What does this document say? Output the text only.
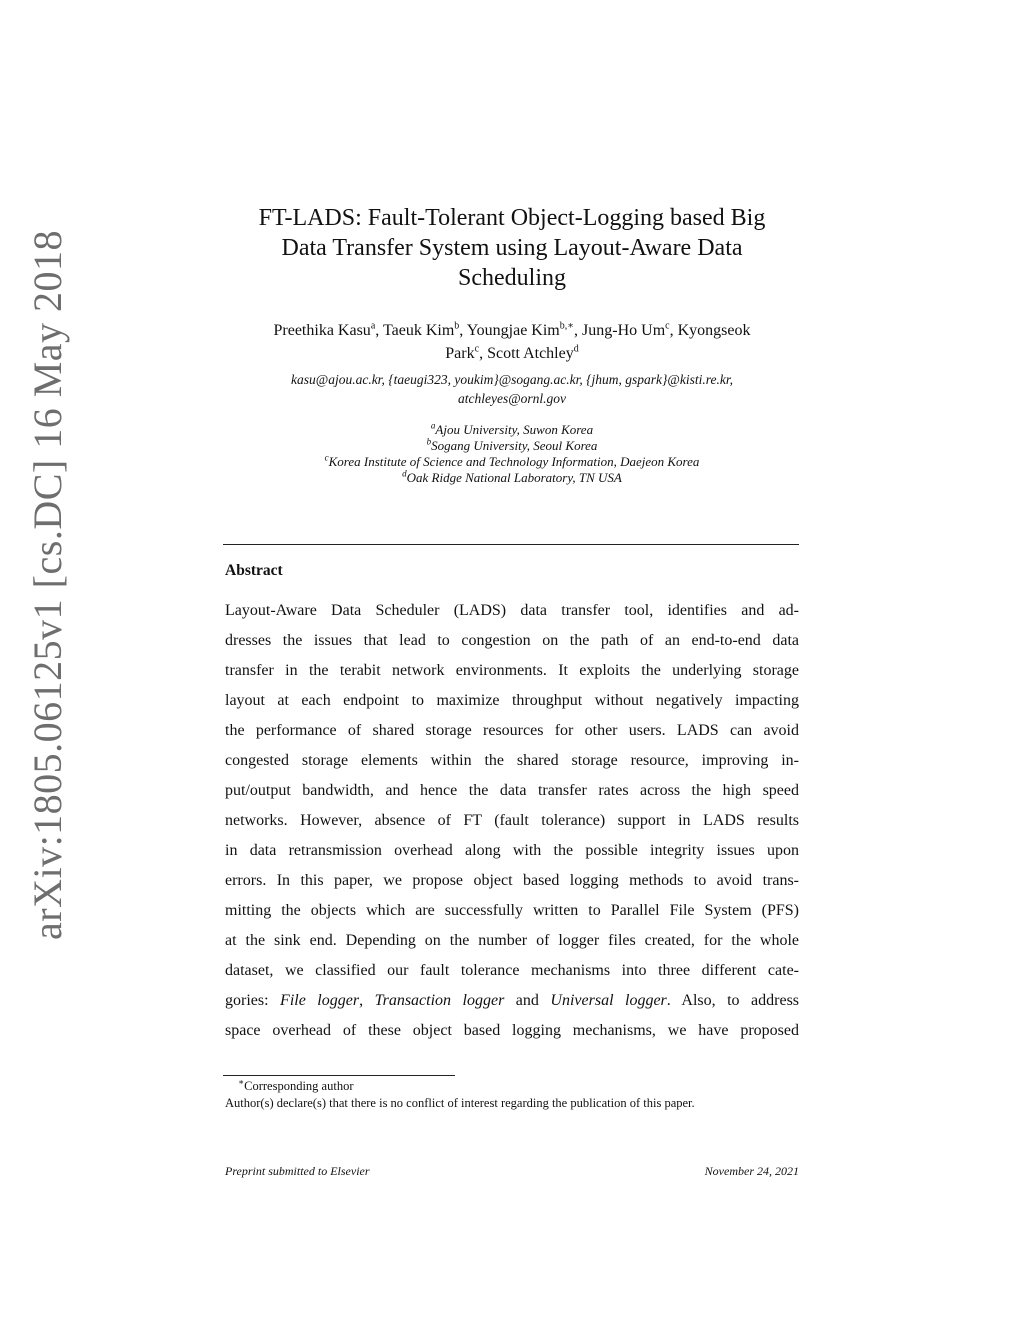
arXiv:1805.06125v1 [cs.DC] 16 May 2018
FT-LADS: Fault-Tolerant Object-Logging based Big
Data Transfer System using Layout-Aware Data
Scheduling
Preethika Kasu$^a$, Taeuk Kim$^b$, Youngjae Kim$^{b,∗}$, Jung-Ho Um$^c$, Kyongseok
Park$^c$, Scott Atchley$^d$
kasu@ajou.ac.kr, {taeugi323, youkim}@sogang.ac.kr, {jhum, gspark}@kisti.re.kr,
atchleyes@ornl.gov
$^a$Ajou University, Suwon Korea
$^b$Sogang University, Seoul Korea
$^c$Korea Institute of Science and Technology Information, Daejeon Korea
$^d$Oak Ridge National Laboratory, TN USA
Abstract
Layout-Aware Data Scheduler (LADS) data transfer tool, identifies and ad-
dresses the issues that lead to congestion on the path of an end-to-end data
transfer in the terabit network environments. It exploits the underlying storage
layout at each endpoint to maximize throughput without negatively impacting
the performance of shared storage resources for other users. LADS can avoid
congested storage elements within the shared storage resource, improving in-
put/output bandwidth, and hence the data transfer rates across the high speed
networks. However, absence of FT (fault tolerance) support in LADS results
in data retransmission overhead along with the possible integrity issues upon
errors. In this paper, we propose object based logging methods to avoid trans-
mitting the objects which are successfully written to Parallel File System (PFS)
at the sink end. Depending on the number of logger files created, for the whole
dataset, we classified our fault tolerance mechanisms into three different cate-
gories: File logger, Transaction logger and Universal logger. Also, to address
space overhead of these object based logging mechanisms, we have proposed
∗Corresponding author
Author(s) declare(s) that there is no conflict of interest regarding the publication of this paper.
Preprint submitted to Elsevier	November 24, 2021
